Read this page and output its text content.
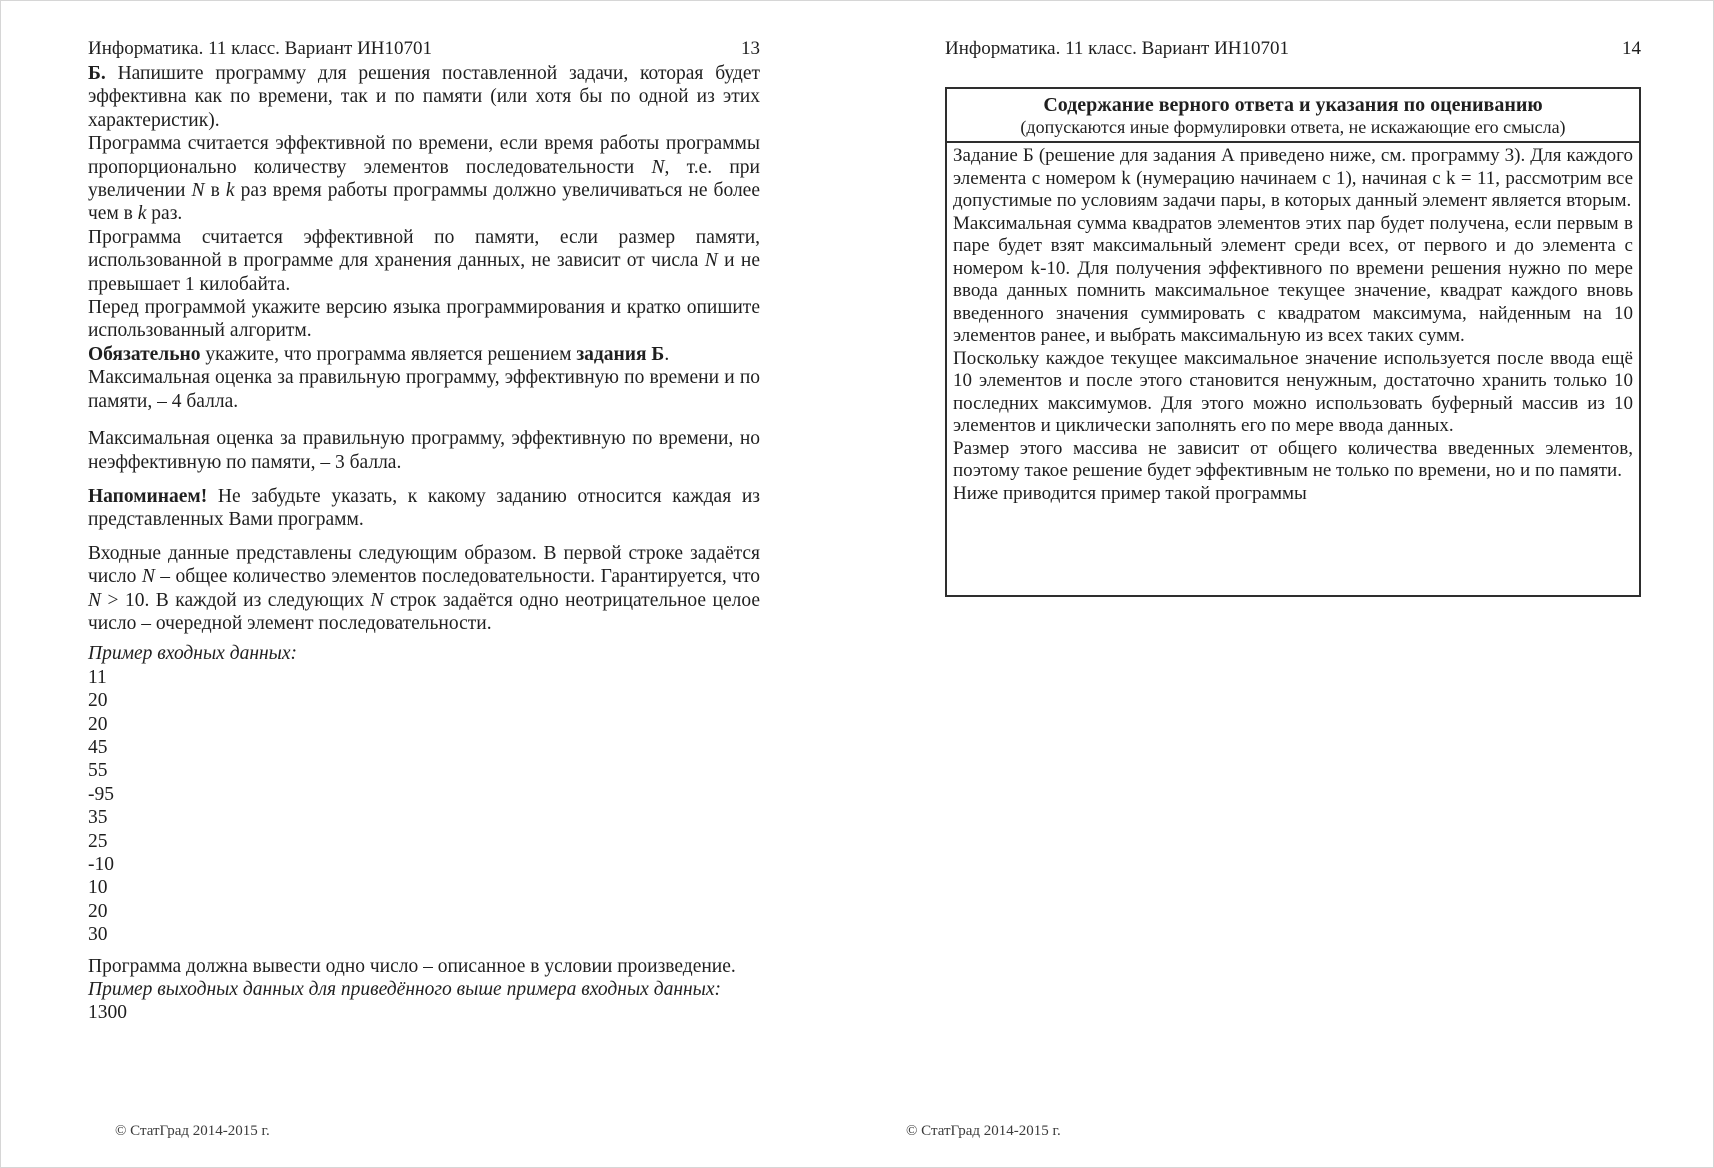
Информатика. 11 класс. Вариант ИН10701	13
Б. Напишите программу для решения поставленной задачи, которая будет эффективна как по времени, так и по памяти (или хотя бы по одной из этих характеристик).
Программа считается эффективной по времени, если время работы программы пропорционально количеству элементов последовательности N, т.е. при увеличении N в k раз время работы программы должно увеличиваться не более чем в k раз.
Программа считается эффективной по памяти, если размер памяти, использованной в программе для хранения данных, не зависит от числа N и не превышает 1 килобайта.
Перед программой укажите версию языка программирования и кратко опишите использованный алгоритм.
Обязательно укажите, что программа является решением задания Б.
Максимальная оценка за правильную программу, эффективную по времени и по памяти, – 4 балла.
Максимальная оценка за правильную программу, эффективную по времени, но неэффективную по памяти, – 3 балла.
Напоминаем! Не забудьте указать, к какому заданию относится каждая из представленных Вами программ.
Входные данные представлены следующим образом. В первой строке задаётся число N – общее количество элементов последовательности. Гарантируется, что N > 10. В каждой из следующих N строк задаётся одно неотрицательное целое число – очередной элемент последовательности.
Пример входных данных:
11
20
20
45
55
-95
35
25
-10
10
20
30
Программа должна вывести одно число – описанное в условии произведение.
Пример выходных данных для приведённого выше примера входных данных:
1300
Информатика. 11 класс. Вариант ИН10701	14
Содержание верного ответа и указания по оцениванию
(допускаются иные формулировки ответа, не искажающие его смысла)
Задание Б (решение для задания А приведено ниже, см. программу 3). Для каждого элемента с номером k (нумерацию начинаем с 1), начиная с k = 11, рассмотрим все допустимые по условиям задачи пары, в которых данный элемент является вторым.
Максимальная сумма квадратов элементов этих пар будет получена, если первым в паре будет взят максимальный элемент среди всех, от первого и до элемента с номером k-10. Для получения эффективного по времени решения нужно по мере ввода данных помнить максимальное текущее значение, квадрат каждого вновь введенного значения суммировать с квадратом максимума, найденным на 10 элементов ранее, и выбрать максимальную из всех таких сумм.
Поскольку каждое текущее максимальное значение используется после ввода ещё 10 элементов и после этого становится ненужным, достаточно хранить только 10 последних максимумов. Для этого можно использовать буферный массив из 10 элементов и циклически заполнять его по мере ввода данных.
Размер этого массива не зависит от общего количества введенных элементов, поэтому такое решение будет эффективным не только по времени, но и по памяти.
Ниже приводится пример такой программы
© СтатГрад 2014-2015 г.	© СтатГрад 2014-2015 г.
